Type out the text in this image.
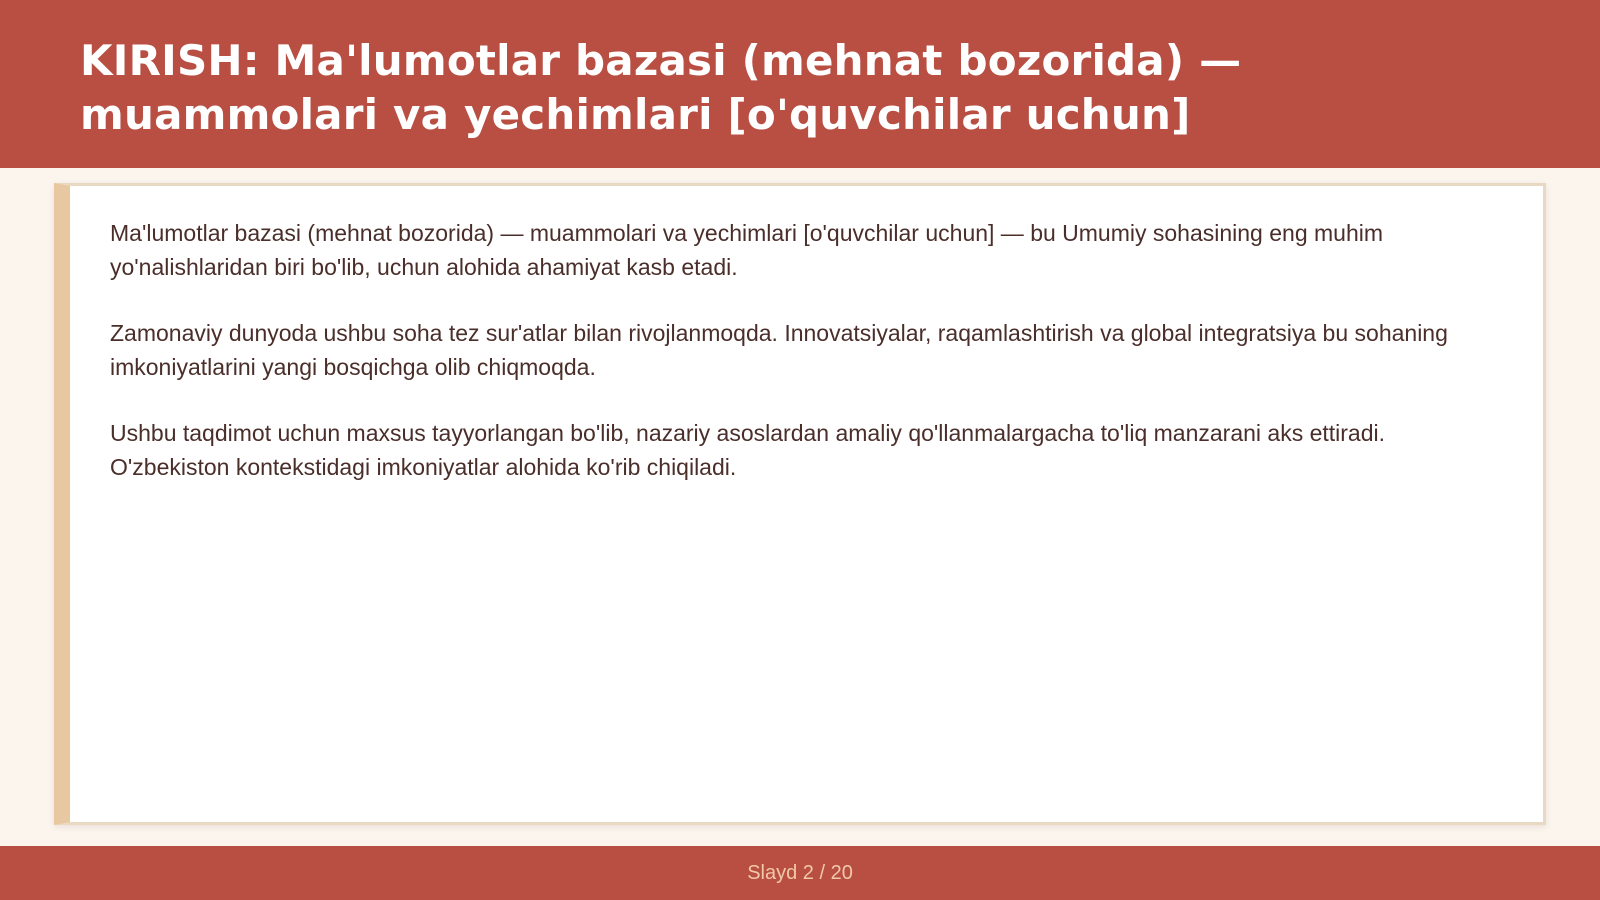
KIRISH: Ma'lumotlar bazasi (mehnat bozorida) — muammolari va yechimlari [o'quvchilar uchun]

Ma'lumotlar bazasi (mehnat bozorida) — muammolari va yechimlari [o'quvchilar uchun] — bu Umumiy sohasining eng muhim yo'nalishlaridan biri bo'lib, uchun alohida ahamiyat kasb etadi.

Zamonaviy dunyoda ushbu soha tez sur'atlar bilan rivojlanmoqda. Innovatsiyalar, raqamlashtirish va global integratsiya bu sohaning imkoniyatlarini yangi bosqichga olib chiqmoqda.

Ushbu taqdimot uchun maxsus tayyorlangan bo'lib, nazariy asoslardan amaliy qo'llanmalargacha to'liq manzarani aks ettiradi. O'zbekiston kontekstidagi imkoniyatlar alohida ko'rib chiqiladi.

Slayd 2 / 20
